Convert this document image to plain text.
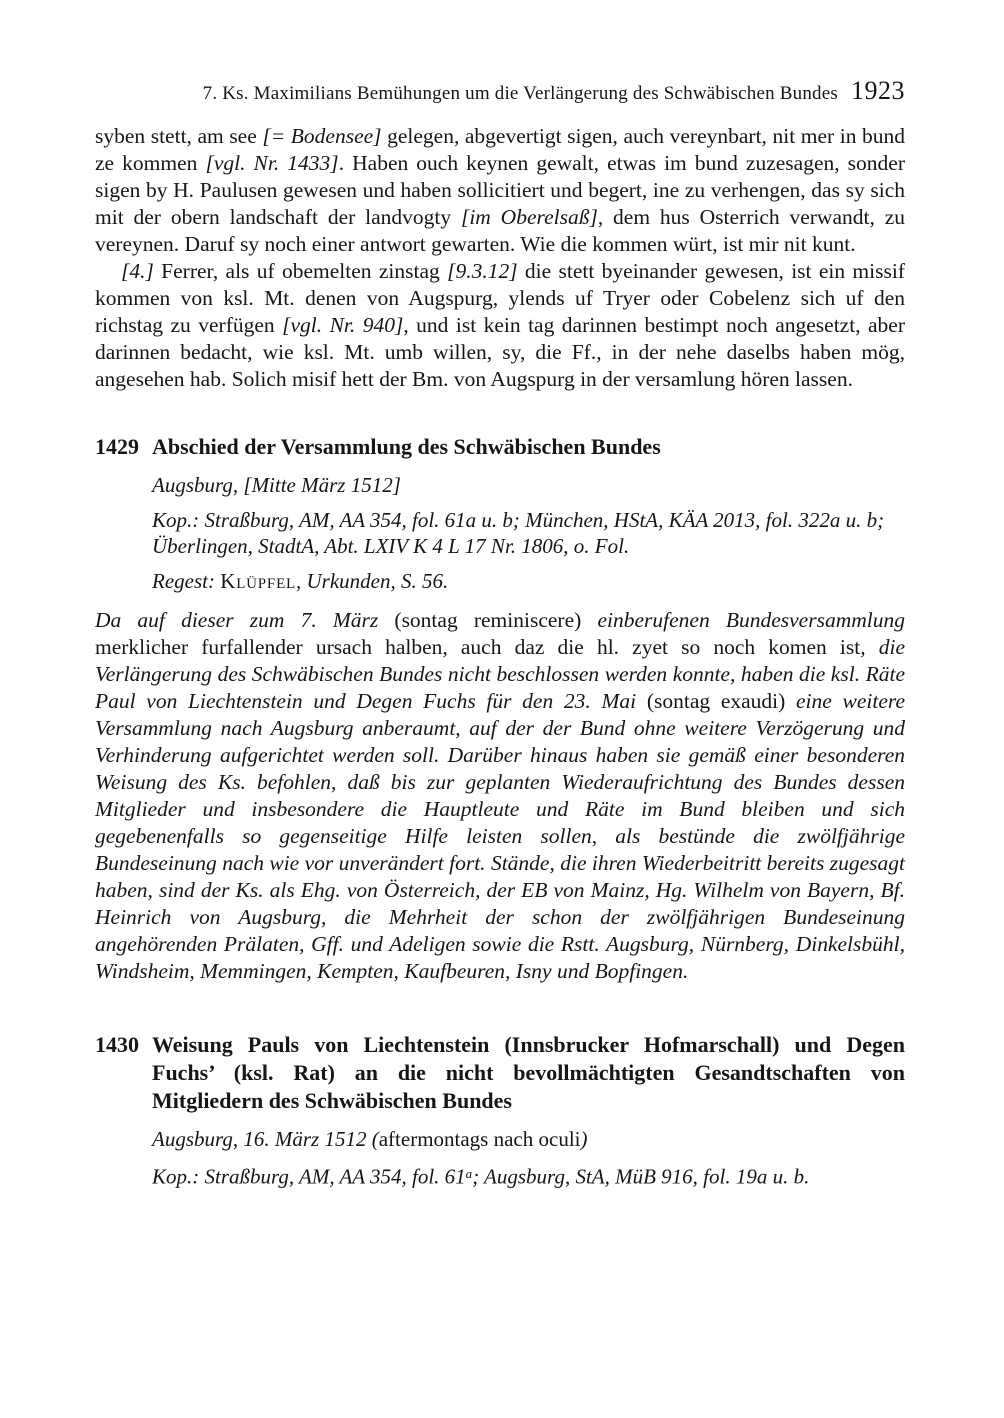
7. Ks. Maximilians Bemühungen um die Verlängerung des Schwäbischen Bundes 1923

syben stett, am see [= Bodensee] gelegen, abgevertigt sigen, auch vereynbart, nit mer in bund ze kommen [vgl. Nr. 1433]. Haben ouch keynen gewalt, etwas im bund zuzesagen, sonder sigen by H. Paulusen gewesen und haben sollicitiert und begert, ine zu verhengen, das sy sich mit der obern landschaft der landvogty [im Oberelsaß], dem hus Osterrich verwandt, zu vereynen. Daruf sy noch einer antwort gewarten. Wie die kommen würt, ist mir nit kunt.

[4.] Ferrer, als uf obemelten zinstag [9.3.12] die stett byeinander gewesen, ist ein missif kommen von ksl. Mt. denen von Augspurg, ylends uf Tryer oder Cobelenz sich uf den richstag zu verfügen [vgl. Nr. 940], und ist kein tag darinnen bestimpt noch angesetzt, aber darinnen bedacht, wie ksl. Mt. umb willen, sy, die Ff., in der nehe daselbs haben mög, angesehen hab. Solich misif hett der Bm. von Augspurg in der versamlung hören lassen.

1429 Abschied der Versammlung des Schwäbischen Bundes

Augsburg, [Mitte März 1512]

Kop.: Straßburg, AM, AA 354, fol. 61a u. b; München, HStA, KÄA 2013, fol. 322a u. b; Überlingen, StadtA, Abt. LXIV K 4 L 17 Nr. 1806, o. Fol.

Regest: Klüpfel, Urkunden, S. 56.

Da auf dieser zum 7. März (sontag reminiscere) einberufenen Bundesversammlung merklicher furfallender ursach halben, auch daz die hl. zyet so noch komen ist, die Verlängerung des Schwäbischen Bundes nicht beschlossen werden konnte, haben die ksl. Räte Paul von Liechtenstein und Degen Fuchs für den 23. Mai (sontag exaudi) eine weitere Versammlung nach Augsburg anberaumt, auf der der Bund ohne weitere Verzögerung und Verhinderung aufgerichtet werden soll. Darüber hinaus haben sie gemäß einer besonderen Weisung des Ks. befohlen, daß bis zur geplanten Wiederaufrichtung des Bundes dessen Mitglieder und insbesondere die Hauptleute und Räte im Bund bleiben und sich gegebenenfalls so gegenseitige Hilfe leisten sollen, als bestünde die zwölfjährige Bundeseinung nach wie vor unverändert fort. Stände, die ihren Wiederbeitritt bereits zugesagt haben, sind der Ks. als Ehg. von Österreich, der EB von Mainz, Hg. Wilhelm von Bayern, Bf. Heinrich von Augsburg, die Mehrheit der schon der zwölfjährigen Bundeseinung angehörenden Prälaten, Gff. und Adeligen sowie die Rstt. Augsburg, Nürnberg, Dinkelsbühl, Windsheim, Memmingen, Kempten, Kaufbeuren, Isny und Bopfingen.

1430 Weisung Pauls von Liechtenstein (Innsbrucker Hofmarschall) und Degen Fuchs’ (ksl. Rat) an die nicht bevollmächtigten Gesandtschaften von Mitgliedern des Schwäbischen Bundes

Augsburg, 16. März 1512 (aftermontags nach oculi)

Kop.: Straßburg, AM, AA 354, fol. 61$^a$; Augsburg, StA, MüB 916, fol. 19a u. b.
